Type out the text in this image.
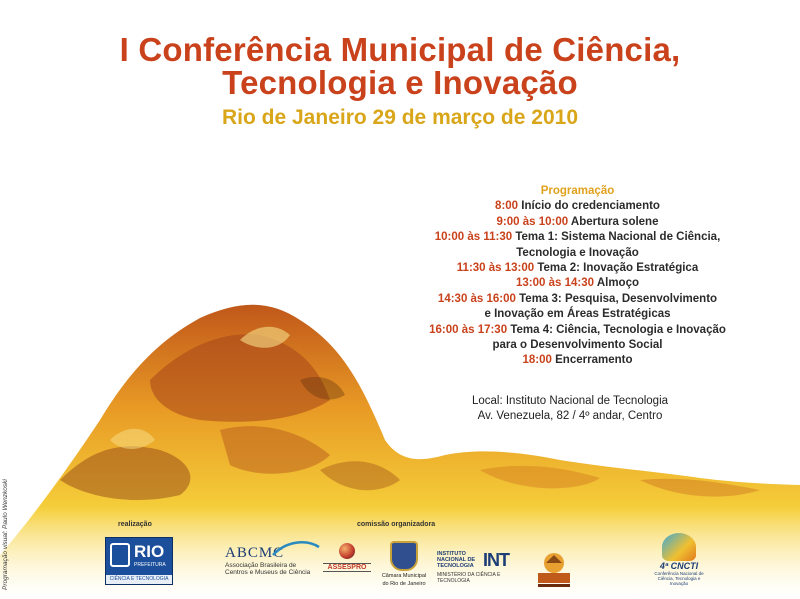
I Conferência Municipal de Ciência,
Tecnologia e Inovação
Rio de Janeiro 29 de março de 2010
Programação
8:00 Início do credenciamento
9:00 às 10:00 Abertura solene
10:00 às 11:30 Tema 1: Sistema Nacional de Ciência,
Tecnologia e Inovação
11:30 às 13:00 Tema 2: Inovação Estratégica
13:00 às 14:30 Almoço
14:30 às 16:00 Tema 3: Pesquisa, Desenvolvimento
e Inovação em Áreas Estratégicas
16:00 às 17:30 Tema 4: Ciência, Tecnologia e Inovação
para o Desenvolvimento Social
18:00 Encerramento
Local: Instituto Nacional de Tecnologia
Av. Venezuela, 82 / 4º andar, Centro
Programação visual: Paulo Wenzkoski	realização	comissão organizadora
RIO
PREFEITURA
CIÊNCIA E TECNOLOGIA
ABCMC
Associação Brasileira de
Centros e Museus de Ciência
ASSESPRO
Câmara Municipal
do Rio de Janeiro
INSTITUTO
NACIONAL DE
TECNOLOGIA INT
MINISTÉRIO DA CIÊNCIA E TECNOLOGIA
4ª CNCTI
Conferência Nacional de
Ciência, Tecnologia e Inovação
